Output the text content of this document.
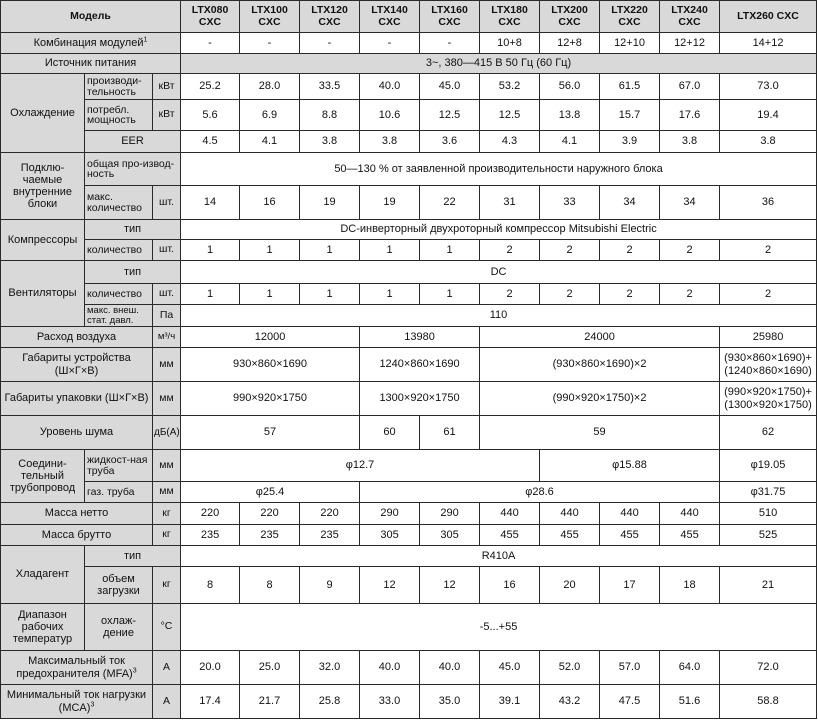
Модель			LTX080 CXC	LTX100 CXC	LTX120 CXC	LTX140 CXC	LTX160 CXC	LTX180 CXC	LTX200 CXC	LTX220 CXC	LTX240 CXC	LTX260 CXC
Комбинация модулей$^1$			-	-	-	-	-	10+8	12+8	12+10	12+12	14+12
Источник питания			3~, 380—415 В 50 Гц (60 Гц)									
Охлаждение	производи-тельность	кВт	25.2	28.0	33.5	40.0	45.0	53.2	56.0	61.5	67.0	73.0
	потребл. мощность	кВт	5.6	6.9	8.8	10.6	12.5	12.5	13.8	15.7	17.6	19.4
	EER		4.5	4.1	3.8	3.8	3.6	4.3	4.1	3.9	3.8	3.8
Подклю-чаемые внутренние блоки	общая про-извод-ность		50—130 % от заявленной производительности наружного блока									
	макс. количество	шт.	14	16	19	19	22	31	33	34	34	36
Компрессоры	тип		DC-инверторный двухроторный компрессор Mitsubishi Electric									
	количество	шт.	1	1	1	1	1	2	2	2	2	2
Вентиляторы	тип		DC									
	количество	шт.	1	1	1	1	1	2	2	2	2	2
	макс. внеш. стат. давл.	Па	110									
Расход воздуха		м³/ч	12000			13980		24000				25980
Габариты устройства (Ш×Г×В)		мм	930×860×1690			1240×860×1690		(930×860×1690)×2				(930×860×1690)+ (1240×860×1690)
Габариты упаковки (Ш×Г×В)		мм	990×920×1750			1300×920×1750		(990×920×1750)×2				(990×920×1750)+ (1300×920×1750)
Уровень шума		дБ(А)	57			60	61	59				62
Соедини-тельный трубопровод	жидкост-ная труба	мм	φ12.7						φ15.88			φ19.05
	газ. труба	мм	φ25.4			φ28.6						φ31.75
Масса нетто		кг	220	220	220	290	290	440	440	440	440	510
Масса брутто		кг	235	235	235	305	305	455	455	455	455	525
Хладагент	тип		R410A									
	объем загрузки	кг	8	8	9	12	12	16	20	17	18	21
Диапазон рабочих температур	охлаж-дение	°C	-5...+55									
Максимальный ток предохранителя (MFA)$^3$		А	20.0	25.0	32.0	40.0	40.0	45.0	52.0	57.0	64.0	72.0
Минимальный ток нагрузки (MCA)$^3$		А	17.4	21.7	25.8	33.0	35.0	39.1	43.2	47.5	51.6	58.8
